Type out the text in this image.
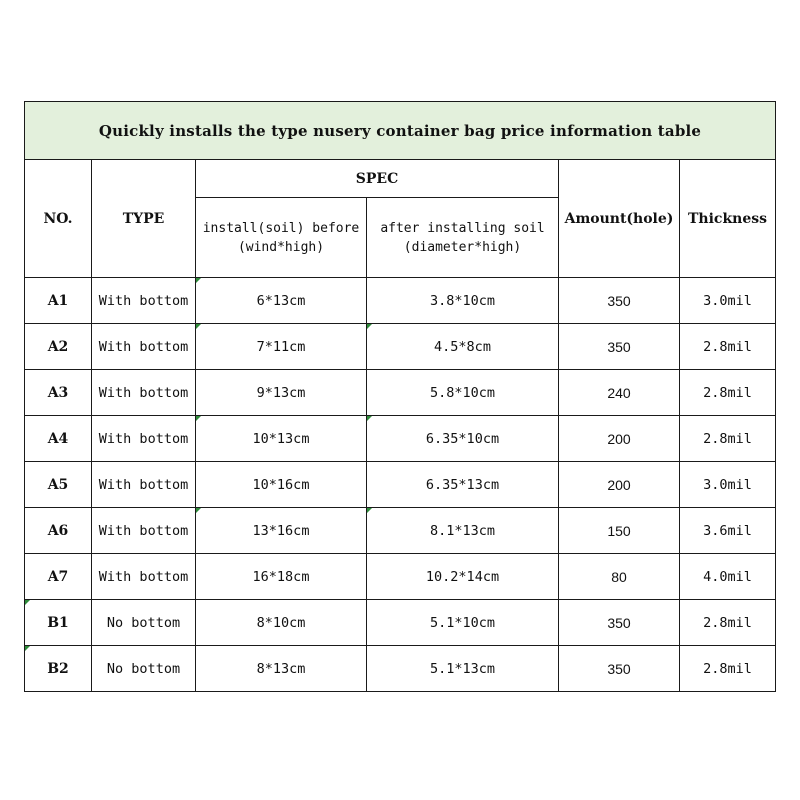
Quickly installs the type nusery container bag price information table					
NO.	TYPE	SPEC		Amount(hole)	Thickness

		install(soil) before (wind*high)	after installing soil (diameter*high)		

A1	With bottom	6*13cm	3.8*10cm	350	3.0mil
A2	With bottom	7*11cm	4.5*8cm	350	2.8mil
A3	With bottom	9*13cm	5.8*10cm	240	2.8mil
A4	With bottom	10*13cm	6.35*10cm	200	2.8mil
A5	With bottom	10*16cm	6.35*13cm	200	3.0mil
A6	With bottom	13*16cm	8.1*13cm	150	3.6mil
A7	With bottom	16*18cm	10.2*14cm	80	4.0mil
B1	No bottom	8*10cm	5.1*10cm	350	2.8mil
B2	No bottom	8*13cm	5.1*13cm	350	2.8mil
